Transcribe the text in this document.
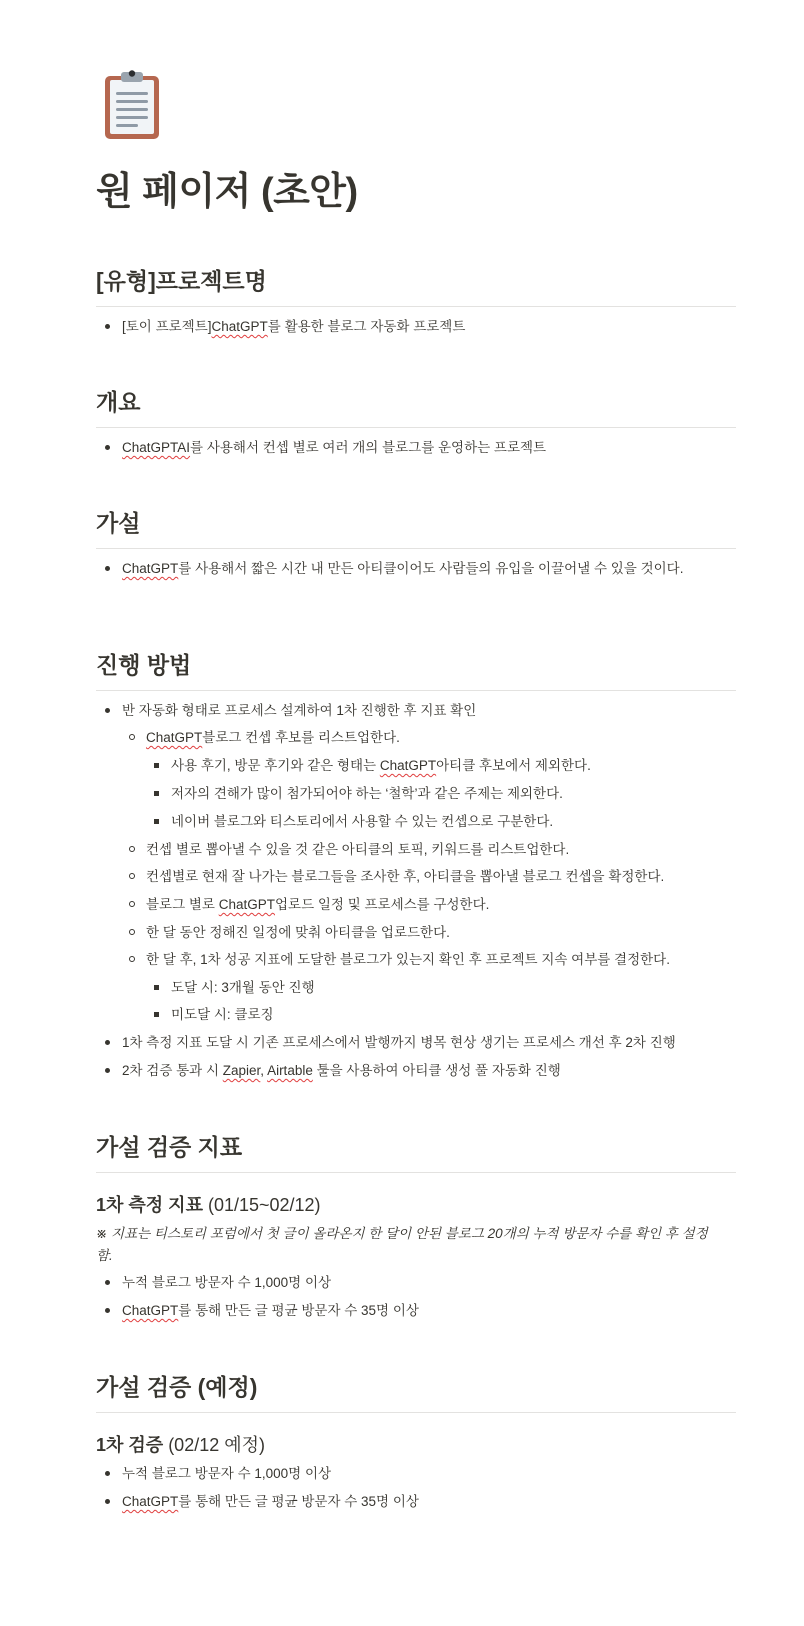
원 페이저 (초안)
[유형]프로젝트명
[토이 프로젝트]ChatGPT를 활용한 블로그 자동화 프로젝트
개요
ChatGPTAI를 사용해서 컨셉 별로 여러 개의 블로그를 운영하는 프로젝트
가설
ChatGPT를 사용해서 짧은 시간 내 만든 아티클이어도 사람들의 유입을 이끌어낼 수 있을 것이다.
진행 방법
반 자동화 형태로 프로세스 설계하여 1차 진행한 후 지표 확인
ChatGPT블로그 컨셉 후보를 리스트업한다.
사용 후기, 방문 후기와 같은 형태는 ChatGPT아티클 후보에서 제외한다.
저자의 견해가 많이 첨가되어야 하는 ‘철학’과 같은 주제는 제외한다.
네이버 블로그와 티스토리에서 사용할 수 있는 컨셉으로 구분한다.
컨셉 별로 뽑아낼 수 있을 것 같은 아티클의 토픽, 키워드를 리스트업한다.
컨셉별로 현재 잘 나가는 블로그들을 조사한 후, 아티클을 뽑아낼 블로그 컨셉을 확정한다.
블로그 별로 ChatGPT업로드 일정 및 프로세스를 구성한다.
한 달 동안 정해진 일정에 맞춰 아티클을 업로드한다.
한 달 후, 1차 성공 지표에 도달한 블로그가 있는지 확인 후 프로젝트 지속 여부를 결정한다.
도달 시: 3개월 동안 진행
미도달 시: 클로징
1차 측정 지표 도달 시 기존 프로세스에서 발행까지 병목 현상 생기는 프로세스 개선 후 2차 진행
2차 검증 통과 시 Zapier, Airtable 툴을 사용하여 아티클 생성 풀 자동화 진행
가설 검증 지표
1차 측정 지표 (01/15~02/12)
※ 지표는 티스토리 포럼에서 첫 글이 올라온지 한 달이 안된 블로그 20개의 누적 방문자 수를 확인 후 설정함.
누적 블로그 방문자 수 1,000명 이상
ChatGPT를 통해 만든 글 평균 방문자 수 35명 이상
가설 검증 (예정)
1차 검증 (02/12 예정)
누적 블로그 방문자 수 1,000명 이상
ChatGPT를 통해 만든 글 평균 방문자 수 35명 이상
